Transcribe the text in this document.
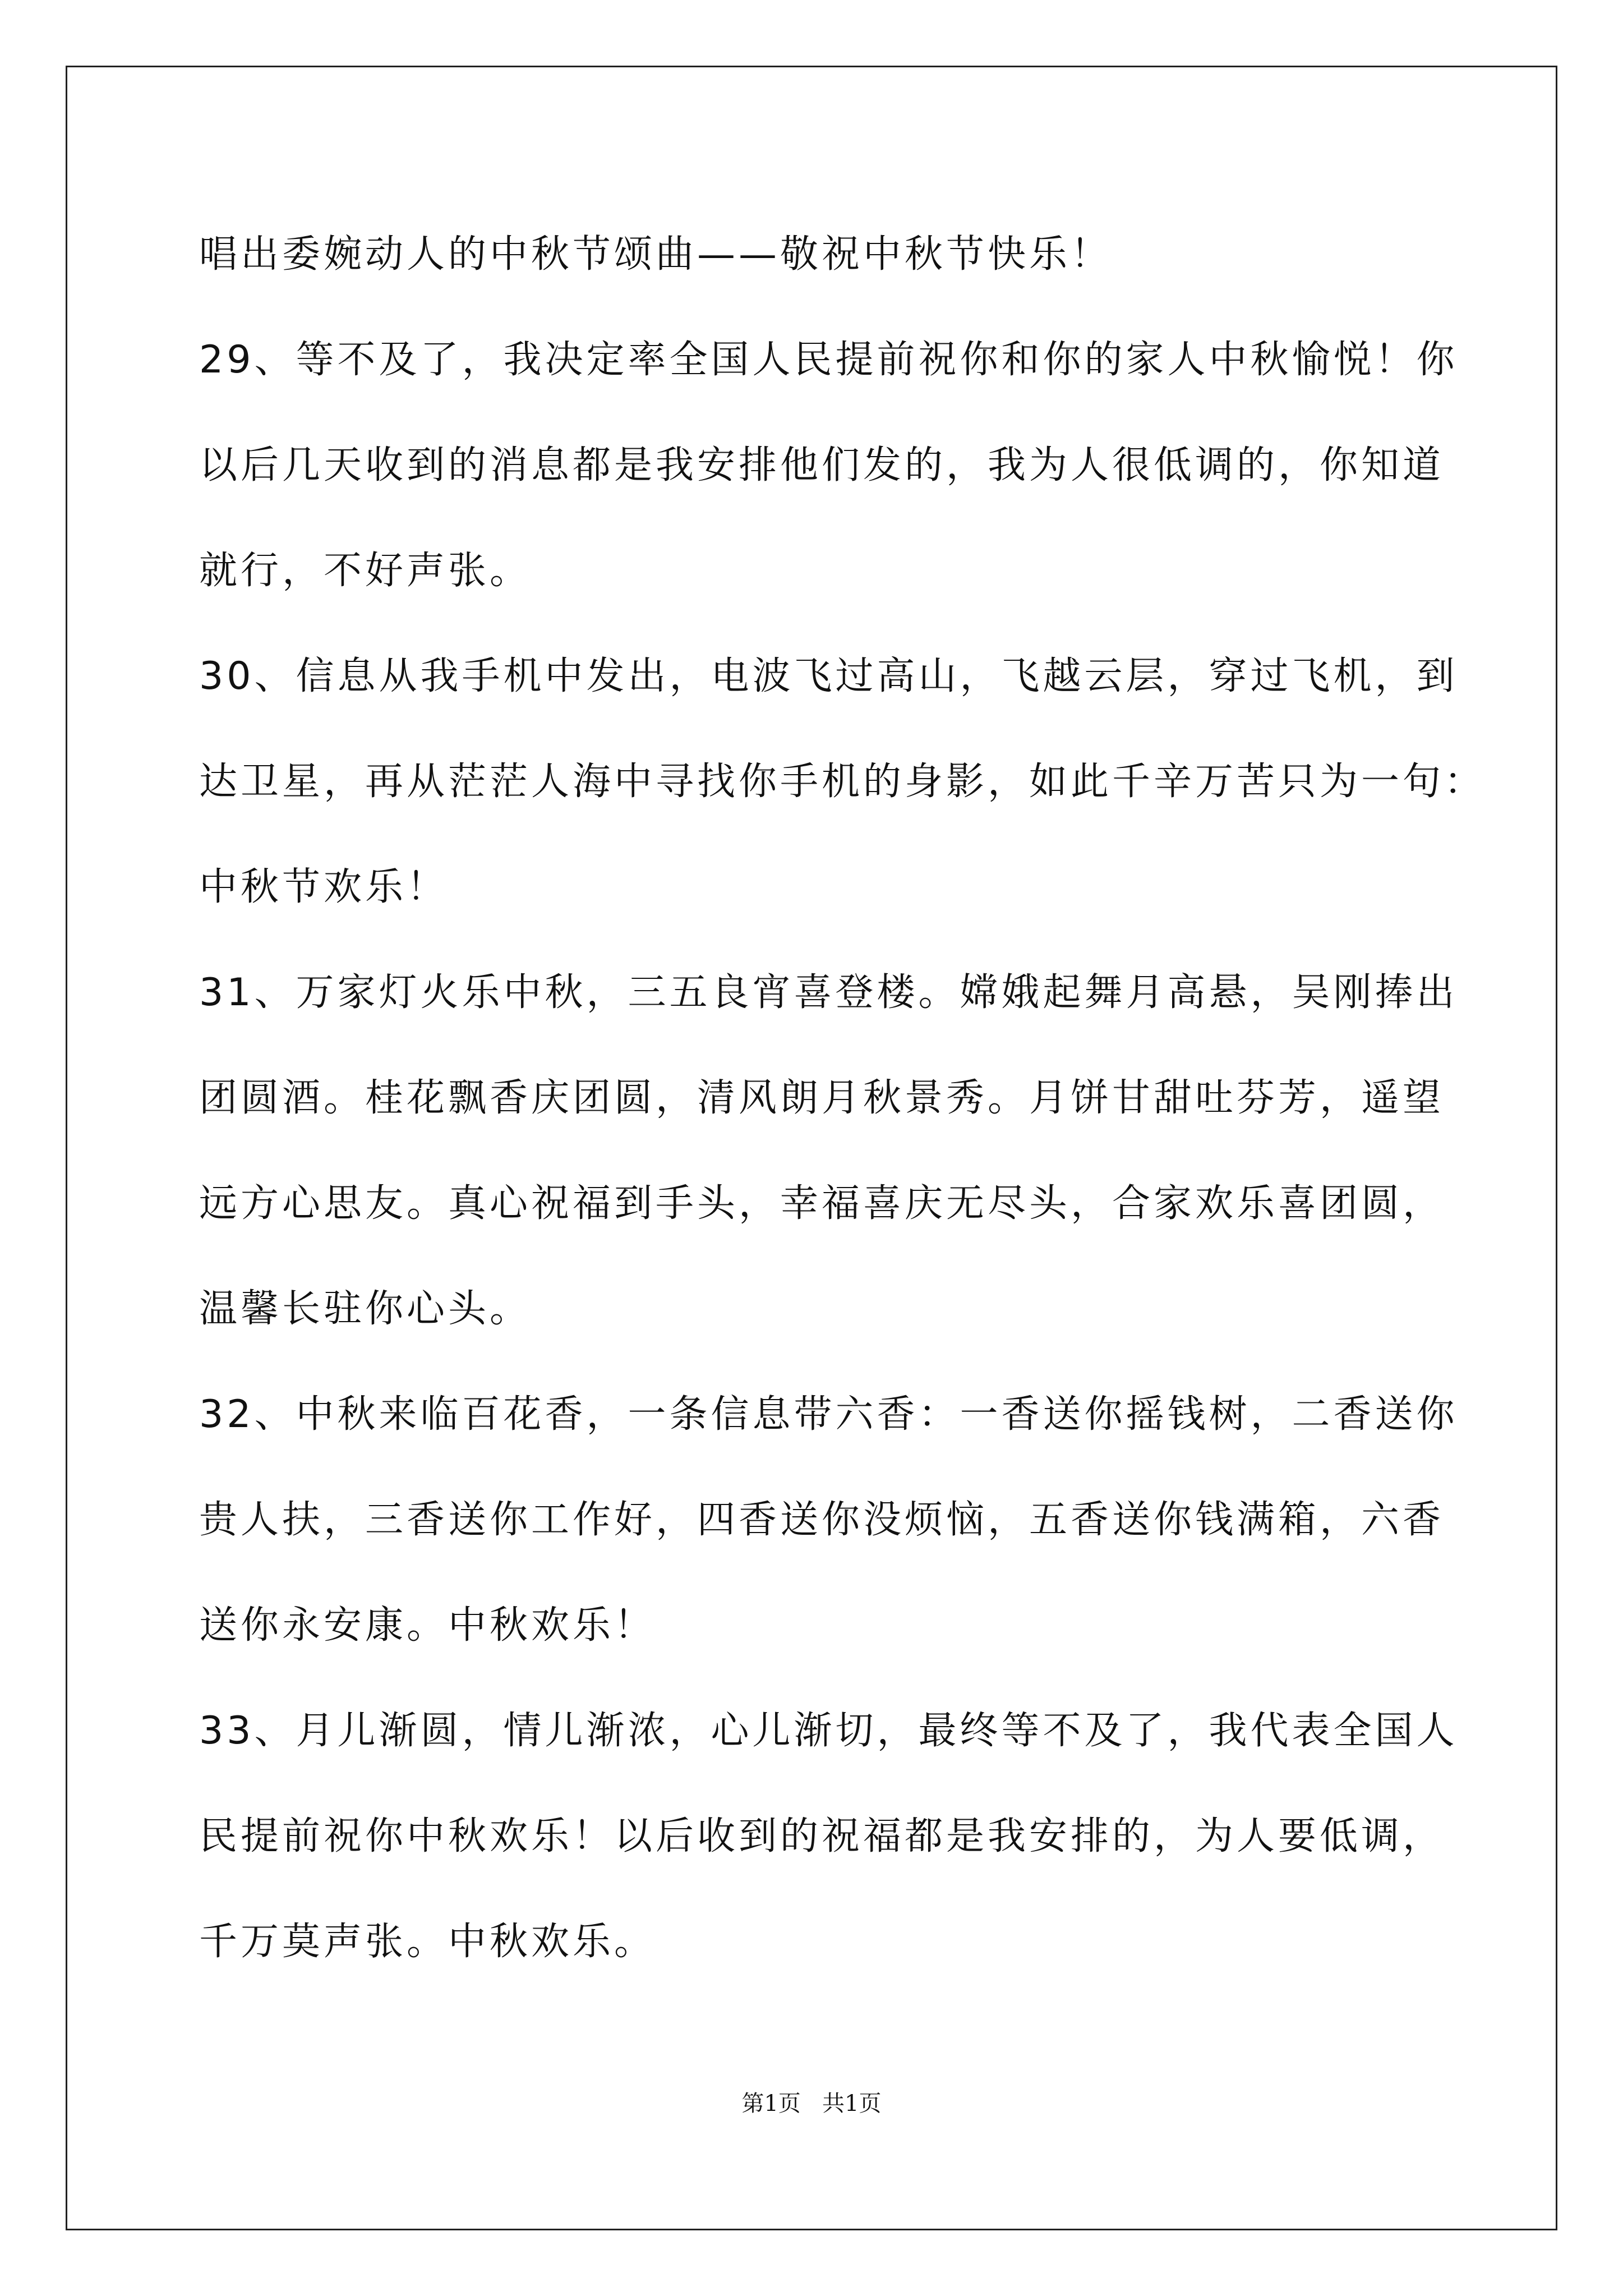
唱出委婉动人的中秋节颂曲——敬祝中秋节快乐！
29、等不及了，我决定率全国人民提前祝你和你的家人中秋愉悦！你
以后几天收到的消息都是我安排他们发的，我为人很低调的，你知道
就行，不好声张。
30、信息从我手机中发出，电波飞过高山，飞越云层，穿过飞机，到
达卫星，再从茫茫人海中寻找你手机的身影，如此千辛万苦只为一句：
中秋节欢乐！
31、万家灯火乐中秋，三五良宵喜登楼。嫦娥起舞月高悬，吴刚捧出
团圆酒。桂花飘香庆团圆，清风朗月秋景秀。月饼甘甜吐芬芳，遥望
远方心思友。真心祝福到手头，幸福喜庆无尽头，合家欢乐喜团圆，
温馨长驻你心头。
32、中秋来临百花香，一条信息带六香：一香送你摇钱树，二香送你
贵人扶，三香送你工作好，四香送你没烦恼，五香送你钱满箱，六香
送你永安康。中秋欢乐！
33、月儿渐圆，情儿渐浓，心儿渐切，最终等不及了，我代表全国人
民提前祝你中秋欢乐！以后收到的祝福都是我安排的，为人要低调，
千万莫声张。中秋欢乐。
第1页   共1页
